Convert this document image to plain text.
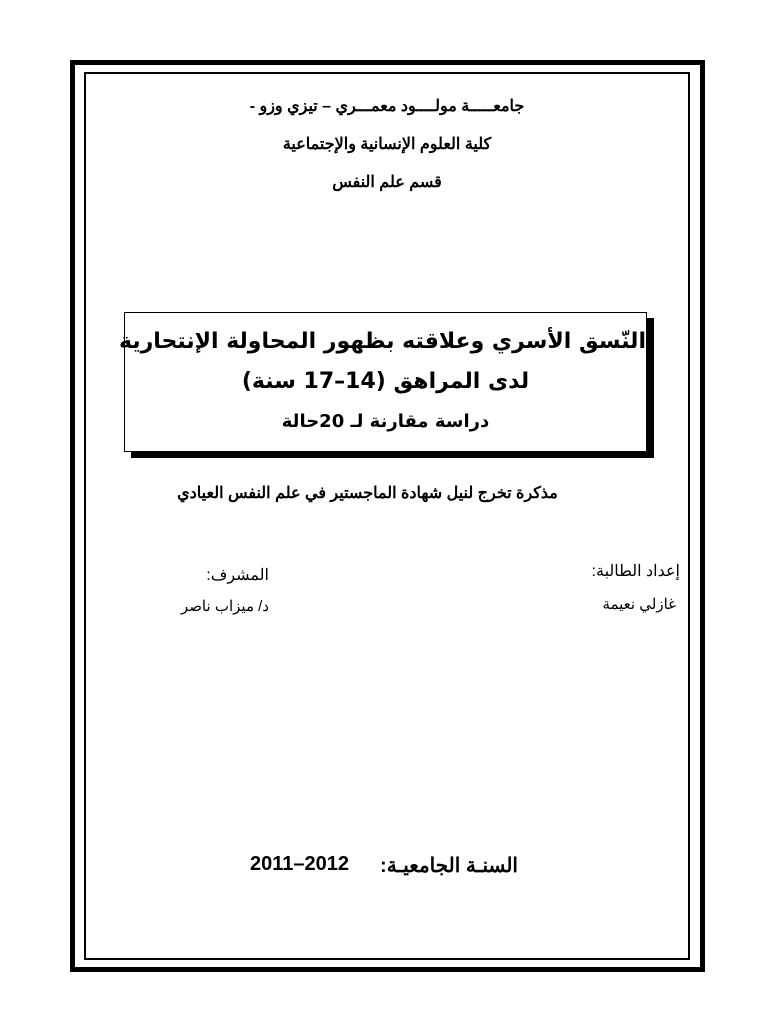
جامعـــــة مولــــود معمـــري – تيزي وزو -
كلية العلوم الإنسانية والإجتماعية
قسم علم النفس
النّسق الأسري وعلاقته بظهور المحاولة الإنتحارية
لدى المراهق (14–17 سنة)
دراسة مقارنة لـ 20حالة
مذكرة تخرج لنيل شهادة الماجستير في علم النفس العيادي
إعداد الطالبة:
غازلي نعيمة
المشرف:
د/ ميزاب ناصر
السنـة الجامعيـة:
2011–2012
